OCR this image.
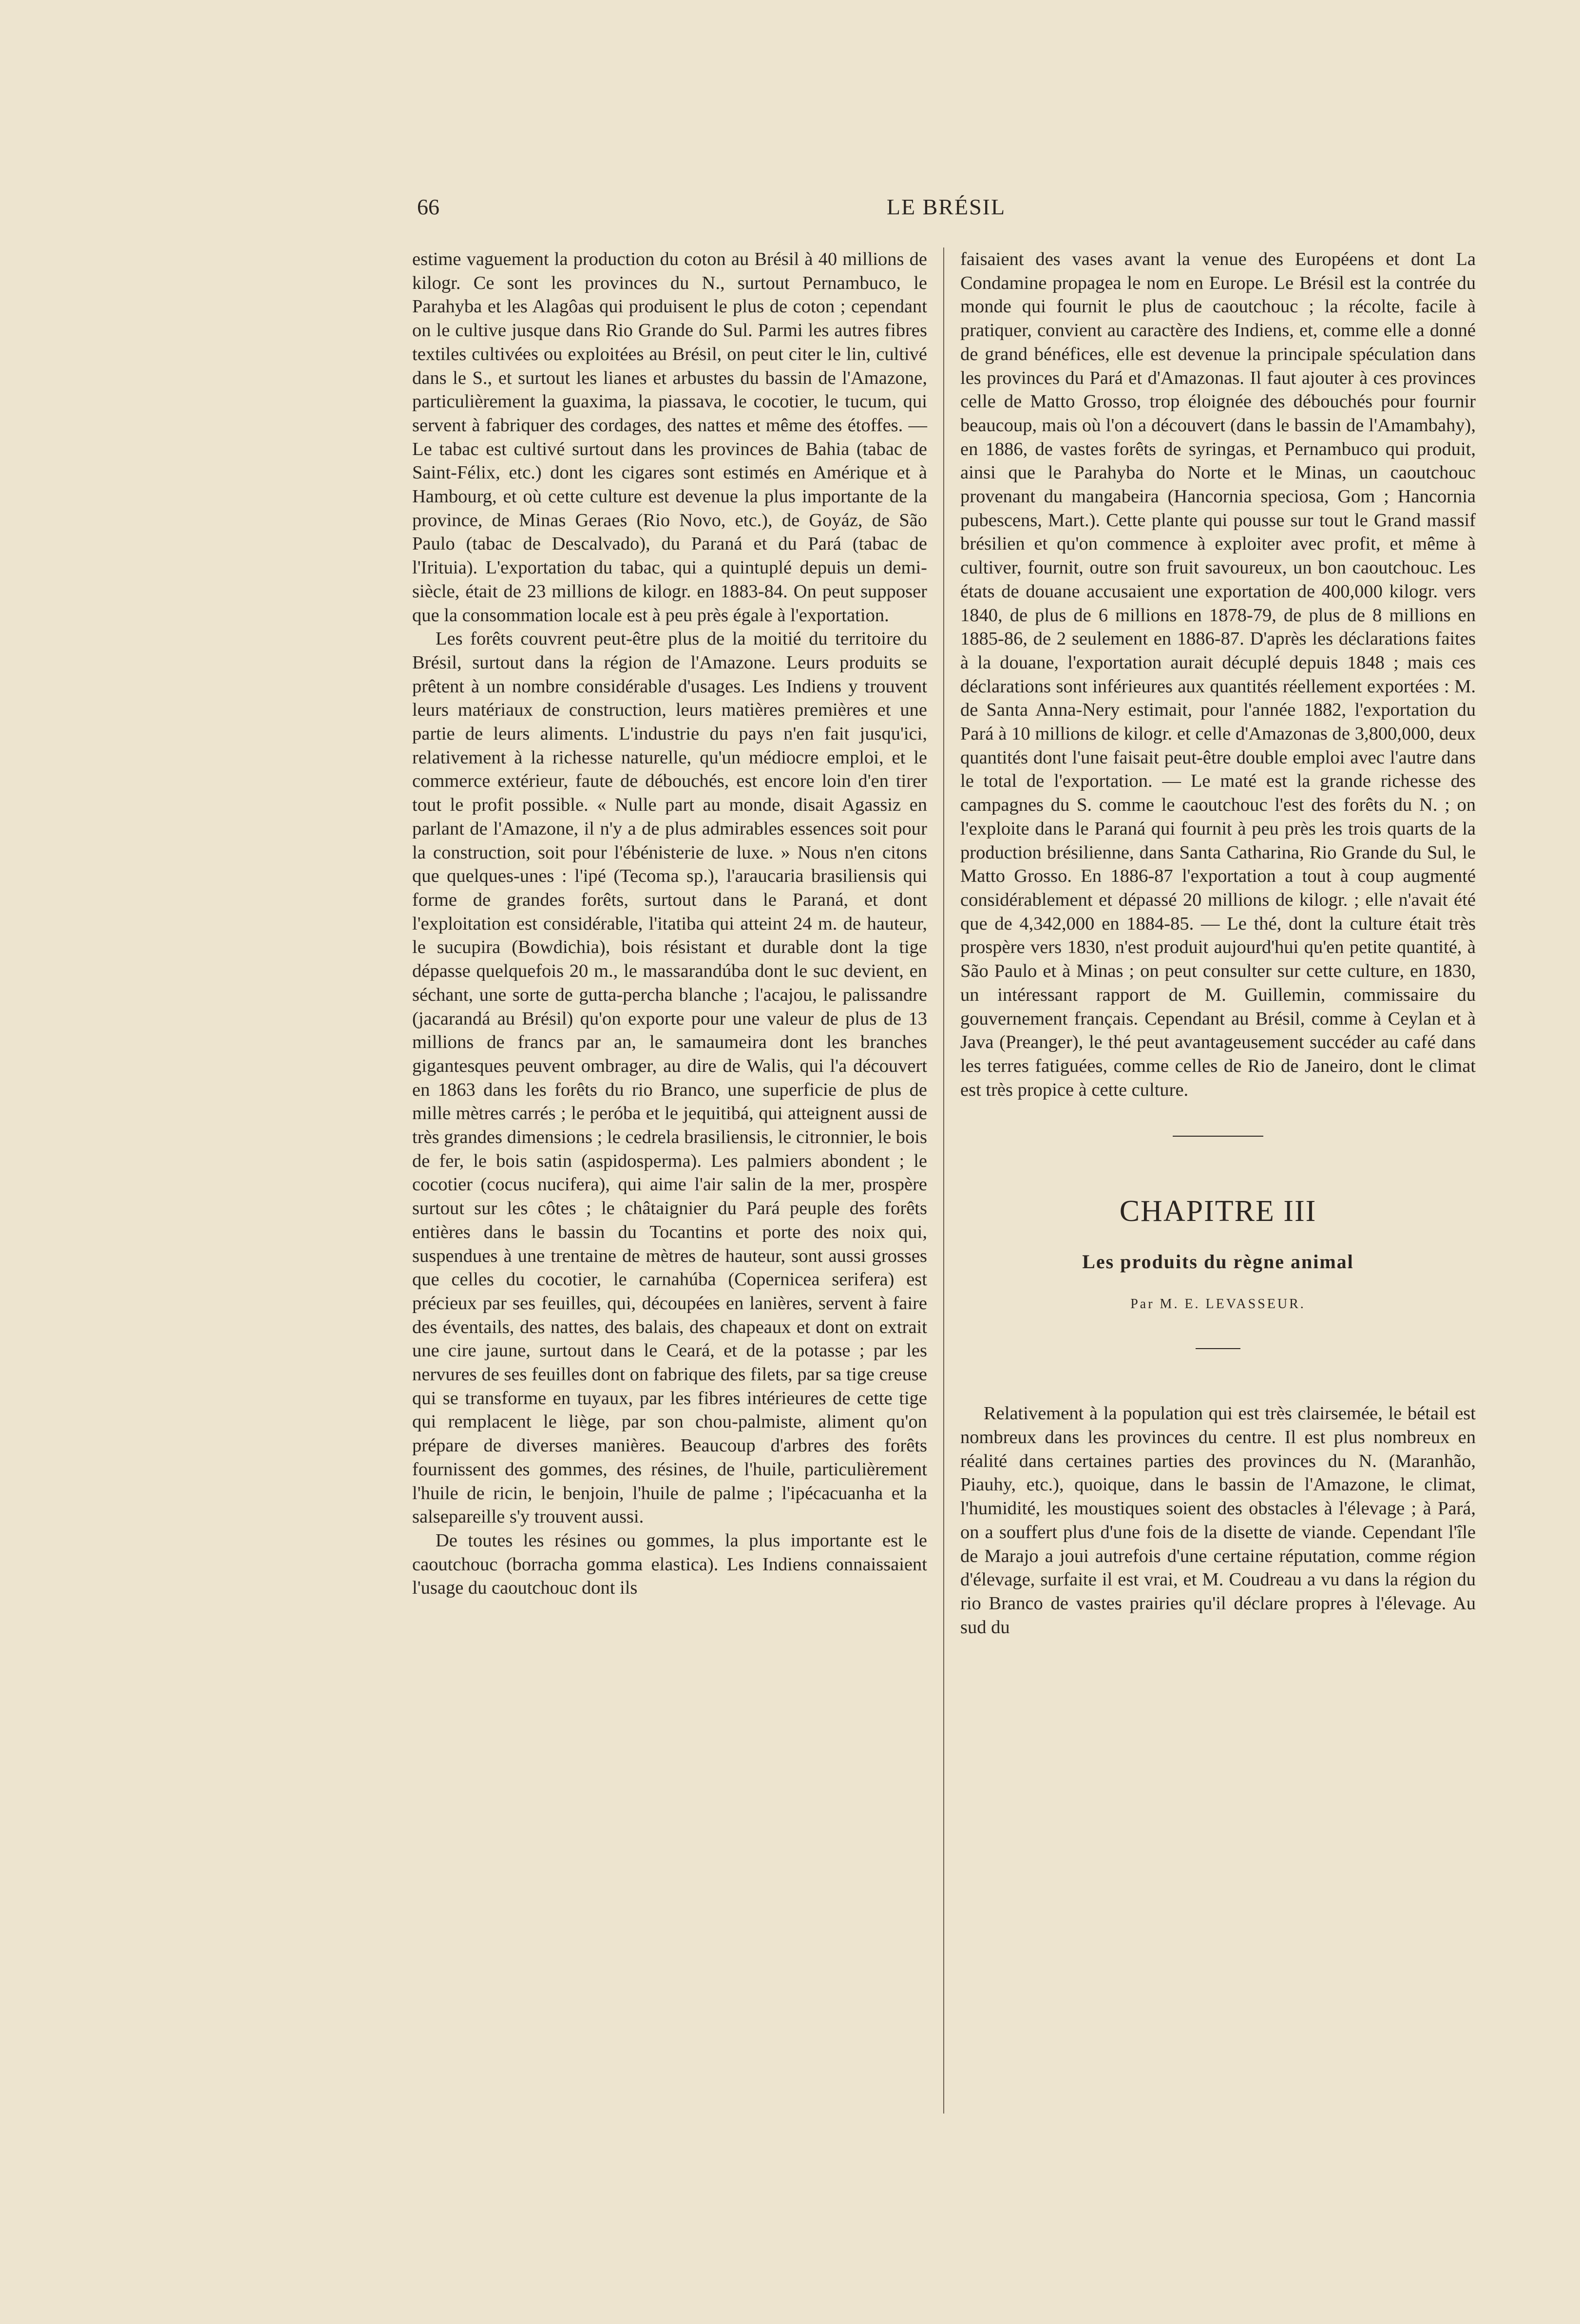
66	LE BRÉSIL

estime vaguement la production du coton au Brésil à 40 millions de kilogr. Ce sont les provinces du N., surtout Pernambuco, le Parahyba et les Alagôas qui produisent le plus de coton ; cependant on le cultive jusque dans Rio Grande do Sul. Parmi les autres fibres textiles cultivées ou exploitées au Brésil, on peut citer le lin, cultivé dans le S., et surtout les lianes et arbustes du bassin de l'Amazone, particulièrement la guaxima, la piassava, le cocotier, le tucum, qui servent à fabriquer des cordages, des nattes et même des étoffes. — Le tabac est cultivé surtout dans les provinces de Bahia (tabac de Saint-Félix, etc.) dont les cigares sont estimés en Amérique et à Hambourg, et où cette culture est devenue la plus importante de la province, de Minas Geraes (Rio Novo, etc.), de Goyáz, de São Paulo (tabac de Descalvado), du Paraná et du Pará (tabac de l'Irituia). L'exportation du tabac, qui a quintuplé depuis un demi-siècle, était de 23 millions de kilogr. en 1883-84. On peut supposer que la consommation locale est à peu près égale à l'exportation.

Les forêts couvrent peut-être plus de la moitié du territoire du Brésil, surtout dans la région de l'Amazone. Leurs produits se prêtent à un nombre considérable d'usages. Les Indiens y trouvent leurs matériaux de construction, leurs matières premières et une partie de leurs aliments. L'industrie du pays n'en fait jusqu'ici, relativement à la richesse naturelle, qu'un médiocre emploi, et le commerce extérieur, faute de débouchés, est encore loin d'en tirer tout le profit possible. « Nulle part au monde, disait Agassiz en parlant de l'Amazone, il n'y a de plus admirables essences soit pour la construction, soit pour l'ébénisterie de luxe. » Nous n'en citons que quelques-unes : l'ipé (Tecoma sp.), l'araucaria brasiliensis qui forme de grandes forêts, surtout dans le Paraná, et dont l'exploitation est considérable, l'itatiba qui atteint 24 m. de hauteur, le sucupira (Bowdichia), bois résistant et durable dont la tige dépasse quelquefois 20 m., le massarandúba dont le suc devient, en séchant, une sorte de gutta-percha blanche ; l'acajou, le palissandre (jacarandá au Brésil) qu'on exporte pour une valeur de plus de 13 millions de francs par an, le samaumeira dont les branches gigantesques peuvent ombrager, au dire de Walis, qui l'a découvert en 1863 dans les forêts du rio Branco, une superficie de plus de mille mètres carrés ; le peróba et le jequitibá, qui atteignent aussi de très grandes dimensions ; le cedrela brasiliensis, le citronnier, le bois de fer, le bois satin (aspidosperma). Les palmiers abondent ; le cocotier (cocus nucifera), qui aime l'air salin de la mer, prospère surtout sur les côtes ; le châtaignier du Pará peuple des forêts entières dans le bassin du Tocantins et porte des noix qui, suspendues à une trentaine de mètres de hauteur, sont aussi grosses que celles du cocotier, le carnahúba (Copernicea serifera) est précieux par ses feuilles, qui, découpées en lanières, servent à faire des éventails, des nattes, des balais, des chapeaux et dont on extrait une cire jaune, surtout dans le Ceará, et de la potasse ; par les nervures de ses feuilles dont on fabrique des filets, par sa tige creuse qui se transforme en tuyaux, par les fibres intérieures de cette tige qui remplacent le liège, par son chou-palmiste, aliment qu'on prépare de diverses manières. Beaucoup d'arbres des forêts fournissent des gommes, des résines, de l'huile, particulièrement l'huile de ricin, le benjoin, l'huile de palme ; l'ipécacuanha et la salsepareille s'y trouvent aussi.

De toutes les résines ou gommes, la plus importante est le caoutchouc (borracha gomma elastica). Les Indiens connaissaient l'usage du caoutchouc dont ils

faisaient des vases avant la venue des Européens et dont La Condamine propagea le nom en Europe. Le Brésil est la contrée du monde qui fournit le plus de caoutchouc ; la récolte, facile à pratiquer, convient au caractère des Indiens, et, comme elle a donné de grand bénéfices, elle est devenue la principale spéculation dans les provinces du Pará et d'Amazonas. Il faut ajouter à ces provinces celle de Matto Grosso, trop éloignée des débouchés pour fournir beaucoup, mais où l'on a découvert (dans le bassin de l'Amambahy), en 1886, de vastes forêts de syringas, et Pernambuco qui produit, ainsi que le Parahyba do Norte et le Minas, un caoutchouc provenant du mangabeira (Hancornia speciosa, Gom ; Hancornia pubescens, Mart.). Cette plante qui pousse sur tout le Grand massif brésilien et qu'on commence à exploiter avec profit, et même à cultiver, fournit, outre son fruit savoureux, un bon caoutchouc. Les états de douane accusaient une exportation de 400,000 kilogr. vers 1840, de plus de 6 millions en 1878-79, de plus de 8 millions en 1885-86, de 2 seulement en 1886-87. D'après les déclarations faites à la douane, l'exportation aurait décuplé depuis 1848 ; mais ces déclarations sont inférieures aux quantités réellement exportées : M. de Santa Anna-Nery estimait, pour l'année 1882, l'exportation du Pará à 10 millions de kilogr. et celle d'Amazonas de 3,800,000, deux quantités dont l'une faisait peut-être double emploi avec l'autre dans le total de l'exportation. — Le maté est la grande richesse des campagnes du S. comme le caoutchouc l'est des forêts du N. ; on l'exploite dans le Paraná qui fournit à peu près les trois quarts de la production brésilienne, dans Santa Catharina, Rio Grande du Sul, le Matto Grosso. En 1886-87 l'exportation a tout à coup augmenté considérablement et dépassé 20 millions de kilogr. ; elle n'avait été que de 4,342,000 en 1884-85. — Le thé, dont la culture était très prospère vers 1830, n'est produit aujourd'hui qu'en petite quantité, à São Paulo et à Minas ; on peut consulter sur cette culture, en 1830, un intéressant rapport de M. Guillemin, commissaire du gouvernement français. Cependant au Brésil, comme à Ceylan et à Java (Preanger), le thé peut avantageusement succéder au café dans les terres fatiguées, comme celles de Rio de Janeiro, dont le climat est très propice à cette culture.

CHAPITRE III
Les produits du règne animal
Par M. E. LEVASSEUR.

Relativement à la population qui est très clairsemée, le bétail est nombreux dans les provinces du centre. Il est plus nombreux en réalité dans certaines parties des provinces du N. (Maranhão, Piauhy, etc.), quoique, dans le bassin de l'Amazone, le climat, l'humidité, les moustiques soient des obstacles à l'élevage ; à Pará, on a souffert plus d'une fois de la disette de viande. Cependant l'île de Marajo a joui autrefois d'une certaine réputation, comme région d'élevage, surfaite il est vrai, et M. Coudreau a vu dans la région du rio Branco de vastes prairies qu'il déclare propres à l'élevage. Au sud du
